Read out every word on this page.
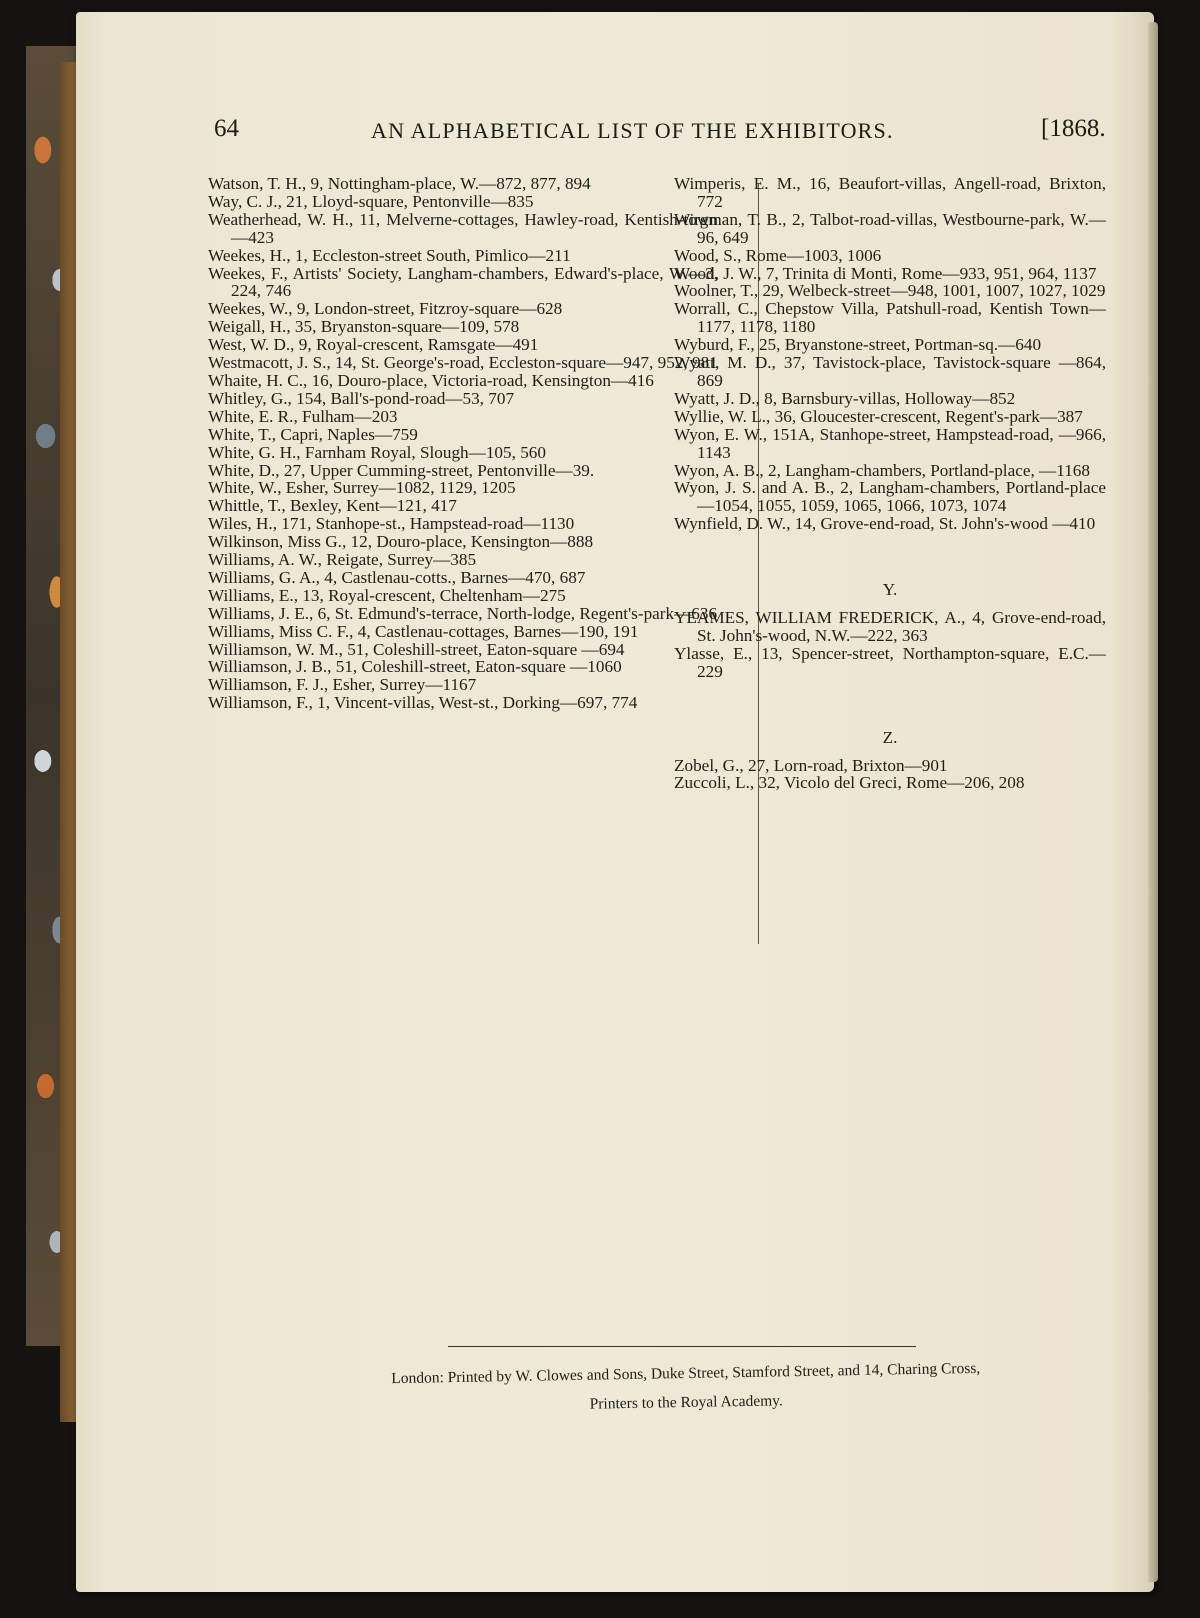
64	AN ALPHABETICAL LIST OF THE EXHIBITORS.	[1868.

Watson, T. H., 9, Nottingham-place, W.—872, 877, 894

Way, C. J., 21, Lloyd-square, Pentonville—835

Weatherhead, W. H., 11, Melverne-cottages, Hawley-road, Kentish-town—423

Weekes, H., 1, Eccleston-street South, Pimlico—211

Weekes, F., Artists' Society, Langham-chambers, Edward's-place, W.—3, 224, 746

Weekes, W., 9, London-street, Fitzroy-square—628

Weigall, H., 35, Bryanston-square—109, 578

West, W. D., 9, Royal-crescent, Ramsgate—491

Westmacott, J. S., 14, St. George's-road, Eccleston-square—947, 952, 981

Whaite, H. C., 16, Douro-place, Victoria-road, Kensington—416

Whitley, G., 154, Ball's-pond-road—53, 707

White, E. R., Fulham—203

White, T., Capri, Naples—759

White, G. H., Farnham Royal, Slough—105, 560

White, D., 27, Upper Cumming-street, Pentonville—39.

White, W., Esher, Surrey—1082, 1129, 1205

Whittle, T., Bexley, Kent—121, 417

Wiles, H., 171, Stanhope-st., Hampstead-road—1130

Wilkinson, Miss G., 12, Douro-place, Kensington—888

Williams, A. W., Reigate, Surrey—385

Williams, G. A., 4, Castlenau-cotts., Barnes—470, 687

Williams, E., 13, Royal-crescent, Cheltenham—275

Williams, J. E., 6, St. Edmund's-terrace, North-lodge, Regent's-park—636

Williams, Miss C. F., 4, Castlenau-cottages, Barnes—190, 191

Williamson, W. M., 51, Coleshill-street, Eaton-square —694

Williamson, J. B., 51, Coleshill-street, Eaton-square —1060

Williamson, F. J., Esher, Surrey—1167

Williamson, F., 1, Vincent-villas, West-st., Dorking—697, 774

Wimperis, E. M., 16, Beaufort-villas, Angell-road, Brixton, 772

Wirgman, T. B., 2, Talbot-road-villas, Westbourne-park, W.—96, 649

Wood, S., Rome—1003, 1006

Wood, J. W., 7, Trinita di Monti, Rome—933, 951, 964, 1137

Woolner, T., 29, Welbeck-street—948, 1001, 1007, 1027, 1029

Worrall, C., Chepstow Villa, Patshull-road, Kentish Town—1177, 1178, 1180

Wyburd, F., 25, Bryanstone-street, Portman-sq.—640

Wyatt, M. D., 37, Tavistock-place, Tavistock-square —864, 869

Wyatt, J. D., 8, Barnsbury-villas, Holloway—852

Wyllie, W. L., 36, Gloucester-crescent, Regent's-park—387

Wyon, E. W., 151A, Stanhope-street, Hampstead-road, —966, 1143

Wyon, A. B., 2, Langham-chambers, Portland-place, —1168

Wyon, J. S. and A. B., 2, Langham-chambers, Portland-place—1054, 1055, 1059, 1065, 1066, 1073, 1074

Wynfield, D. W., 14, Grove-end-road, St. John's-wood —410

Y.

YEAMES, WILLIAM FREDERICK, A., 4, Grove-end-road, St. John's-wood, N.W.—222, 363

Ylasse, E., 13, Spencer-street, Northampton-square, E.C.—229

Z.

Zobel, G., 27, Lorn-road, Brixton—901

Zuccoli, L., 32, Vicolo del Greci, Rome—206, 208

London: Printed by W. Clowes and Sons, Duke Street, Stamford Street, and 14, Charing Cross,
Printers to the Royal Academy.
